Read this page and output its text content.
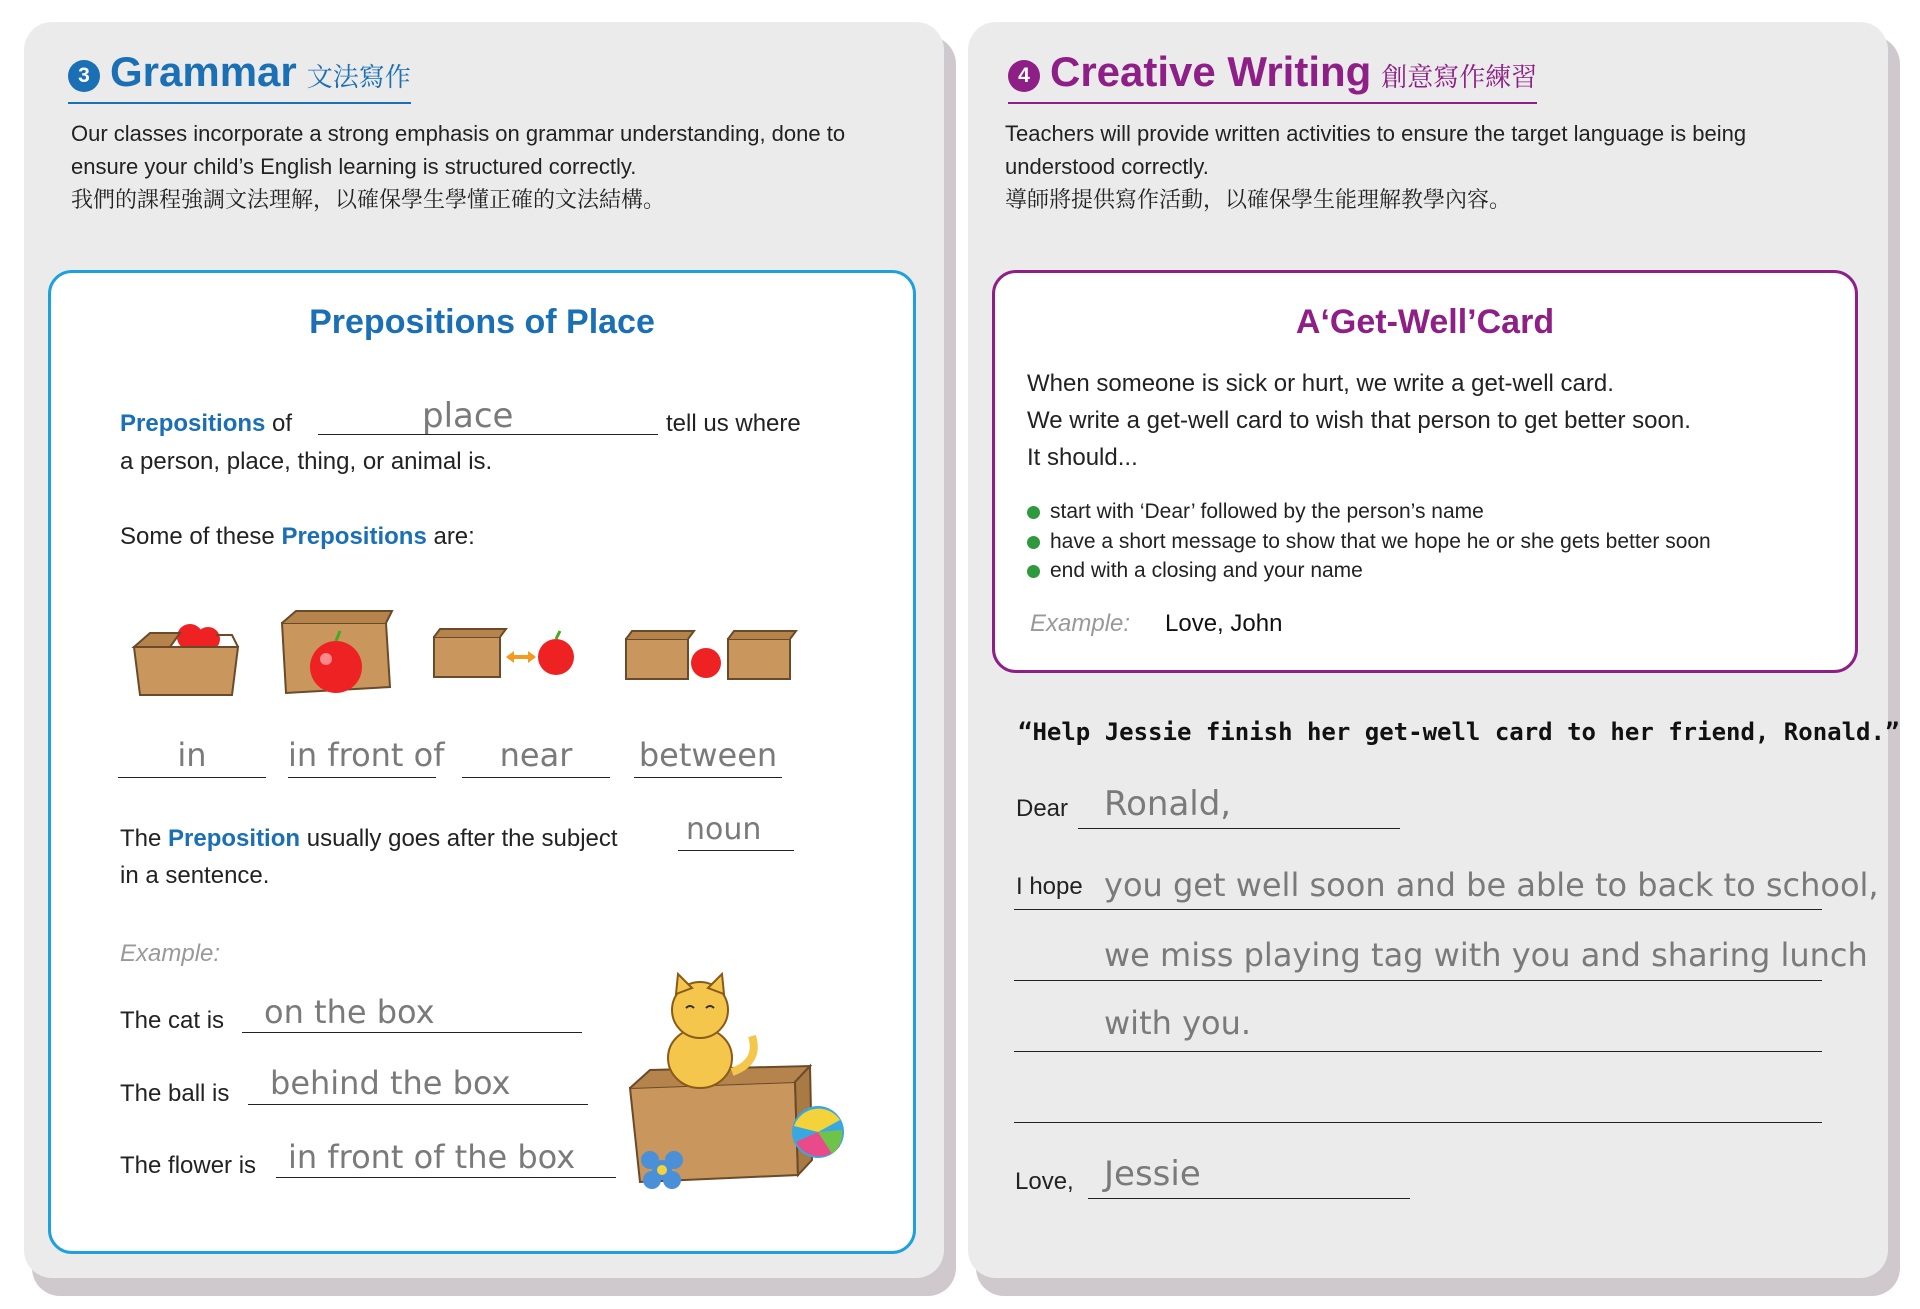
3 Grammar 文法寫作
Our classes incorporate a strong emphasis on grammar understanding, done to
ensure your child’s English learning is structured correctly.
我們的課程強調文法理解，以確保學生學懂正確的文法結構。
Prepositions of Place
Prepositions of	place	tell us where
a person, place, thing, or animal is.
Some of these Prepositions are:
in	in front of	near	between
The Preposition usually goes after the subject noun
in a sentence.
Example:
The cat is on the box
The ball is behind the box
The flower is in front of the box
4 Creative Writing 創意寫作練習
Teachers will provide written activities to ensure the target language is being
understood correctly.
導師將提供寫作活動，以確保學生能理解教學內容。
A‘Get-Well’Card
When someone is sick or hurt, we write a get-well card.
We write a get-well card to wish that person to get better soon.
It should...
start with ‘Dear’ followed by the person’s name
have a short message to show that we hope he or she gets better soon
end with a closing and your name
Example: Love, John
“Help Jessie finish her get-well card to her friend, Ronald.”
Dear Ronald,
I hope you get well soon and be able to back to school,
we miss playing tag with you and sharing lunch
with you.
Love, Jessie
